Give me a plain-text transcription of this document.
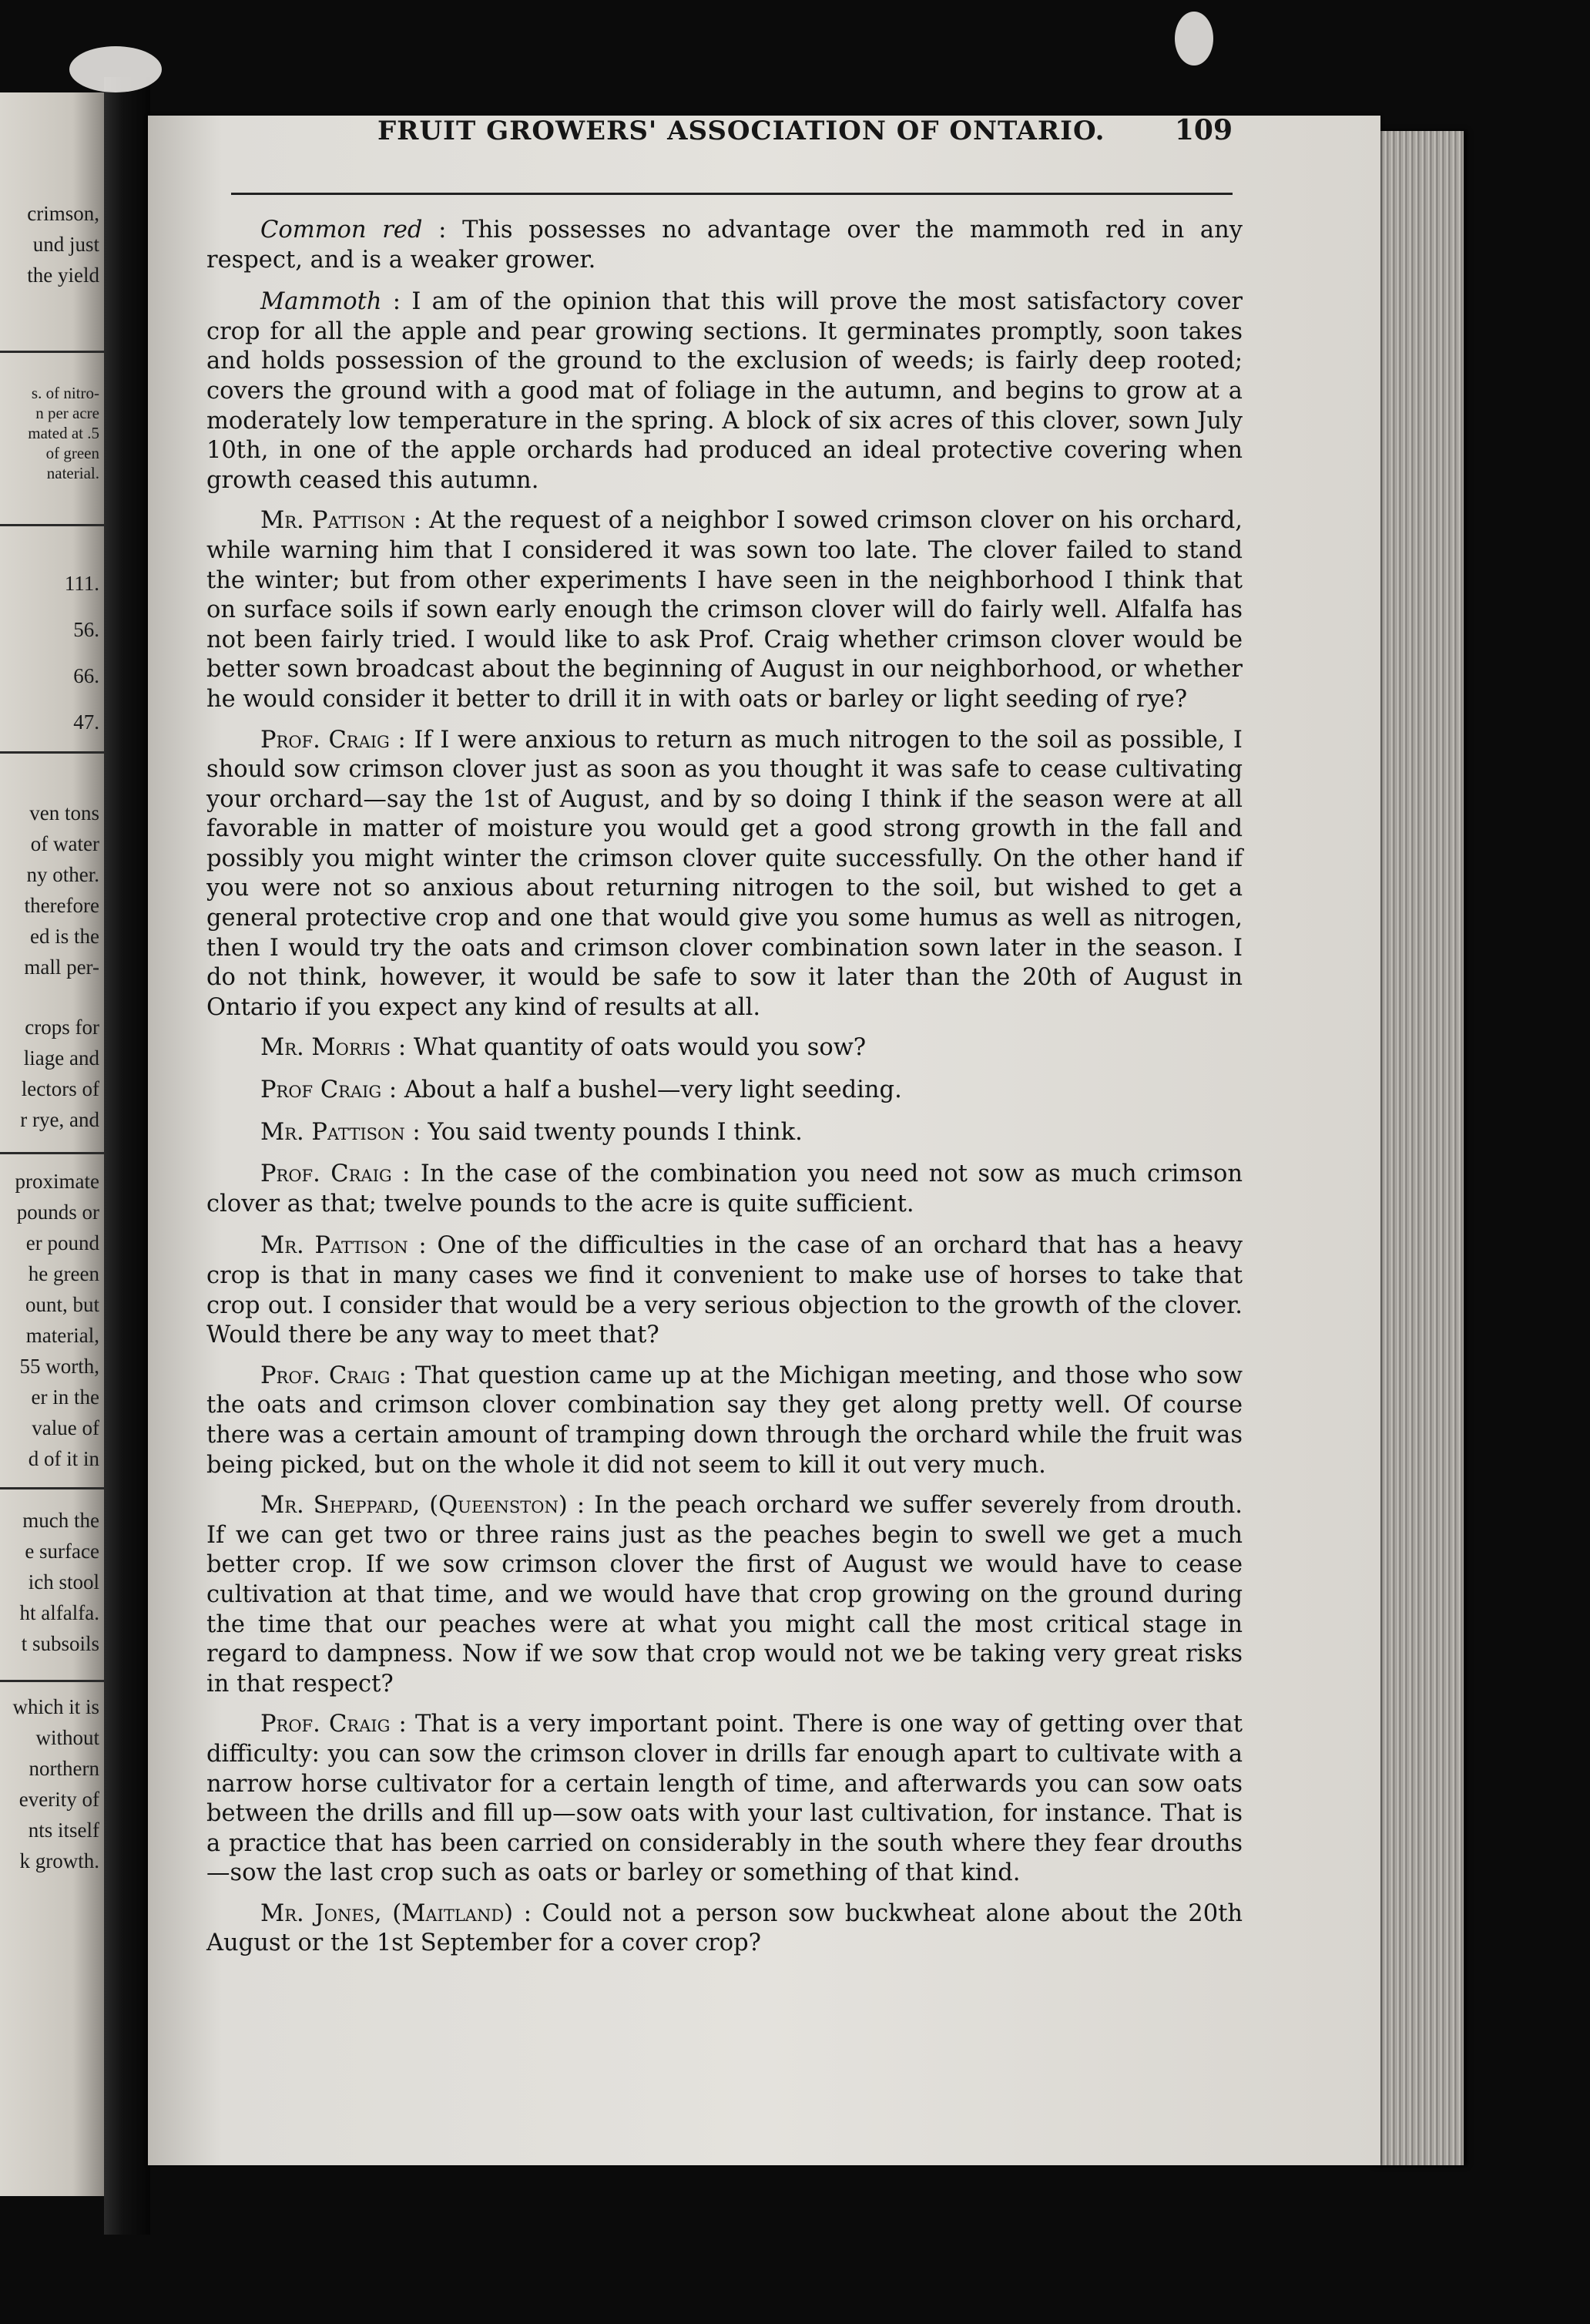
crimson,
und just
the yield
s. of nitro-
n per acre
mated at .5
of green
naterial.
111.
56.
66.
47.
ven tons
of water
ny other.
therefore
ed is the
mall per-
crops for
liage and
lectors of
r rye, and
proximate
pounds or
er pound
he green
ount, but
material,
55 worth,
er in the
value of
d of it in
much the
e surface
ich stool
ht alfalfa.
t subsoils
which it is
without
northern
everity of
nts itself
k growth.
FRUIT GROWERS' ASSOCIATION OF ONTARIO.	109

Common red : This possesses no advantage over the mammoth red in any respect, and is a weaker grower.

Mammoth : I am of the opinion that this will prove the most satisfactory cover crop for all the apple and pear growing sections. It germinates promptly, soon takes and holds possession of the ground to the exclusion of weeds; is fairly deep rooted; covers the ground with a good mat of foliage in the autumn, and begins to grow at a moderately low temperature in the spring. A block of six acres of this clover, sown July 10th, in one of the apple orchards had produced an ideal protective covering when growth ceased this autumn.

Mr. Pattison : At the request of a neighbor I sowed crimson clover on his orchard, while warning him that I considered it was sown too late. The clover failed to stand the winter; but from other experiments I have seen in the neighborhood I think that on surface soils if sown early enough the crimson clover will do fairly well. Alfalfa has not been fairly tried. I would like to ask Prof. Craig whether crimson clover would be better sown broadcast about the beginning of August in our neighborhood, or whether he would consider it better to drill it in with oats or barley or light seeding of rye?

Prof. Craig : If I were anxious to return as much nitrogen to the soil as possible, I should sow crimson clover just as soon as you thought it was safe to cease cultivating your orchard—say the 1st of August, and by so doing I think if the season were at all favorable in matter of moisture you would get a good strong growth in the fall and possibly you might winter the crimson clover quite successfully. On the other hand if you were not so anxious about returning nitrogen to the soil, but wished to get a general protective crop and one that would give you some humus as well as nitrogen, then I would try the oats and crimson clover combination sown later in the season. I do not think, however, it would be safe to sow it later than the 20th of August in Ontario if you expect any kind of results at all.

Mr. Morris : What quantity of oats would you sow?

Prof Craig : About a half a bushel—very light seeding.

Mr. Pattison : You said twenty pounds I think.

Prof. Craig : In the case of the combination you need not sow as much crimson clover as that; twelve pounds to the acre is quite sufficient.

Mr. Pattison : One of the difficulties in the case of an orchard that has a heavy crop is that in many cases we find it convenient to make use of horses to take that crop out. I consider that would be a very serious objection to the growth of the clover. Would there be any way to meet that?

Prof. Craig : That question came up at the Michigan meeting, and those who sow the oats and crimson clover combination say they get along pretty well. Of course there was a certain amount of tramping down through the orchard while the fruit was being picked, but on the whole it did not seem to kill it out very much.

Mr. Sheppard, (Queenston) : In the peach orchard we suffer severely from drouth. If we can get two or three rains just as the peaches begin to swell we get a much better crop. If we sow crimson clover the first of August we would have to cease cultivation at that time, and we would have that crop growing on the ground during the time that our peaches were at what you might call the most critical stage in regard to dampness. Now if we sow that crop would not we be taking very great risks in that respect?

Prof. Craig : That is a very important point. There is one way of getting over that difficulty: you can sow the crimson clover in drills far enough apart to cultivate with a narrow horse cultivator for a certain length of time, and afterwards you can sow oats between the drills and fill up—sow oats with your last cultivation, for instance. That is a practice that has been carried on considerably in the south where they fear drouths—sow the last crop such as oats or barley or something of that kind.

Mr. Jones, (Maitland) : Could not a person sow buckwheat alone about the 20th August or the 1st September for a cover crop?
